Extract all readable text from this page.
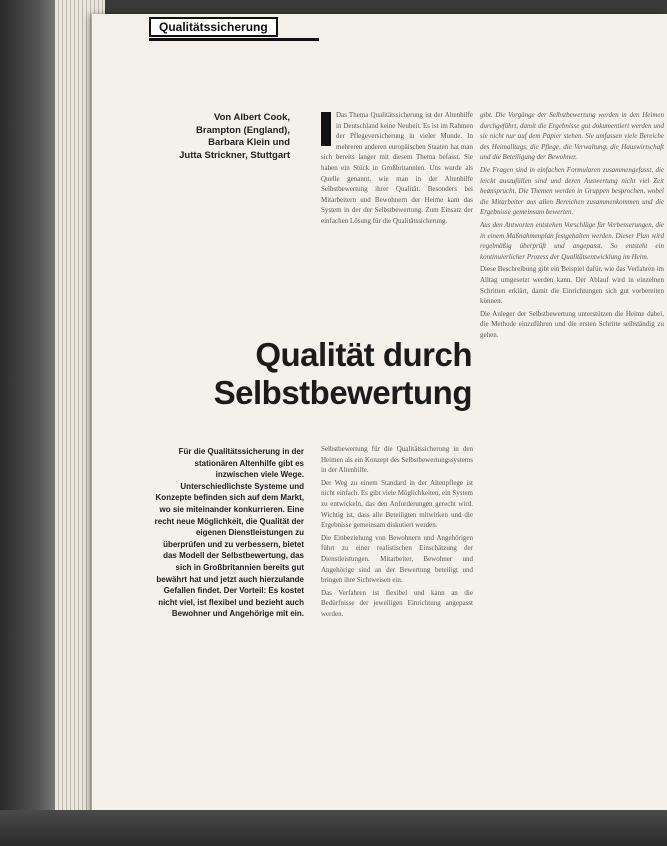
Qualitätssicherung
Von Albert Cook,
Brampton (England),
Barbara Klein und
Jutta Strickner, Stuttgart

Das Thema Qualitätssicherung ist der Altenhilfe in Deutschland keine Neuheit. Es ist im Rahmen der Pflegeversicherung in vieler Munde. In mehreren anderen europäischen Staaten hat man sich bereits langer mit diesem Thema befasst. Sie haben ein Stück in Großbritannien. Uns wurde als Quelle genannt, wie man in der Altenhilfe Selbstbewertung ihrer Qualität. Besonders bei Mitarbeitern und Bewohnern der Heime kam das System in der der Selbstbewertung. Zum Einsatz der einfachen Lösung für die Qualitätssicherung.

Qualität durch
Selbstbewertung
Für die Qualitätssicherung in der stationären Altenhilfe gibt es inzwischen viele Wege. Unterschiedlichste Systeme und Konzepte befinden sich auf dem Markt, wo sie miteinander konkurrieren. Eine recht neue Möglichkeit, die Qualität der eigenen Dienstleistungen zu überprüfen und zu verbessern, bietet das Modell der Selbstbewertung, das sich in Großbritannien bereits gut bewährt hat und jetzt auch hierzulande Gefallen findet. Der Vorteil: Es kostet nicht viel, ist flexibel und bezieht auch Bewohner und Angehörige mit ein.

Selbstbewertung für die Qualitätssicherung in den Heimen als ein Konzept des Selbstbewertungssystems in der Altenhilfe.

Der Weg zu einem Standard in der Altenpflege ist nicht einfach. Es gibt viele Möglichkeiten, ein System zu entwickeln, das den Anforderungen gerecht wird. Wichtig ist, dass alle Beteiligten mitwirken und die Ergebnisse gemeinsam diskutiert werden.

Die Einbeziehung von Bewohnern und Angehörigen führt zu einer realistischen Einschätzung der Dienstleistungen. Mitarbeiter, Bewohner und Angehörige sind an der Bewertung beteiligt und bringen ihre Sichtweisen ein.

Das Verfahren ist flexibel und kann an die Bedürfnisse der jeweiligen Einrichtung angepasst werden.

gibt. Die Vorgänge der Selbstbewertung werden in den Heimen durchgeführt, damit die Ergebnisse gut dokumentiert werden und sie nicht nur auf dem Papier stehen. Sie umfassen viele Bereiche des Heimalltags, die Pflege, die Verwaltung, die Hauswirtschaft und die Beteiligung der Bewohner.

Die Fragen sind in einfachen Formularen zusammengefasst, die leicht auszufüllen sind und deren Auswertung nicht viel Zeit beansprucht. Die Themen werden in Gruppen besprochen, wobei die Mitarbeiter aus allen Bereichen zusammenkommen und die Ergebnisse gemeinsam bewerten.

Aus den Antworten entstehen Vorschläge für Verbesserungen, die in einem Maßnahmenplan festgehalten werden. Dieser Plan wird regelmäßig überprüft und angepasst. So entsteht ein kontinuierlicher Prozess der Qualitätsentwicklung im Heim.

Diese Beschreibung gibt ein Beispiel dafür, wie das Verfahren im Alltag umgesetzt werden kann. Der Ablauf wird in einzelnen Schritten erklärt, damit die Einrichtungen sich gut vorbereiten können.

Die Anleger der Selbstbewertung unterstützen die Heime dabei, die Methode einzuführen und die ersten Schritte selbständig zu gehen.
